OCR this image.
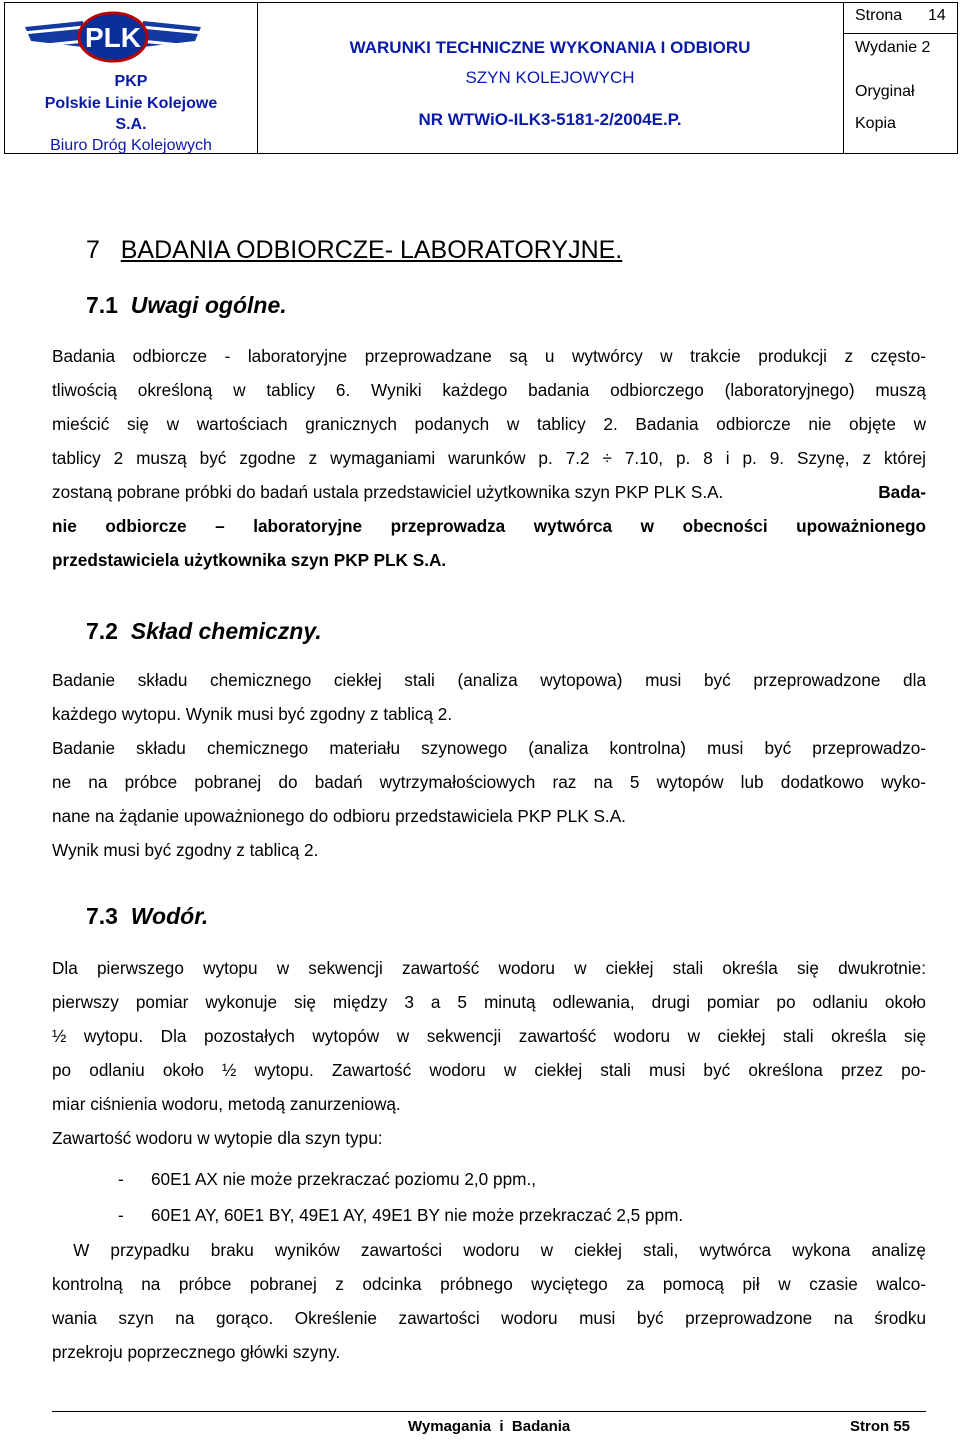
PLK
PKP
Polskie Linie Kolejowe
S.A.
Biuro Dróg Kolejowych
WARUNKI TECHNICZNE WYKONANIA I ODBIORU
SZYN KOLEJOWYCH
NR WTWiO-ILK3-5181-2/2004E.P.
Strona 14
Wydanie 2
Oryginał
Kopia
7 BADANIA ODBIORCZE- LABORATORYJNE.
7.1 Uwagi ogólne.
Badania odbiorcze - laboratoryjne przeprowadzane są u wytwórcy w trakcie produkcji z często-
tliwością określoną w tablicy 6. Wyniki każdego badania odbiorczego (laboratoryjnego) muszą
mieścić się w wartościach granicznych podanych w tablicy 2. Badania odbiorcze nie objęte w
tablicy 2 muszą być zgodne z wymaganiami warunków p. 7.2 ÷ 7.10, p. 8 i p. 9. Szynę, z której
zostaną pobrane próbki do badań ustala przedstawiciel użytkownika szyn PKP PLK S.A.	Bada-
nie odbiorcze – laboratoryjne przeprowadza wytwórca w obecności upoważnionego
przedstawiciela użytkownika szyn PKP PLK S.A.
7.2 Skład chemiczny.
Badanie składu chemicznego ciekłej stali (analiza wytopowa) musi być przeprowadzone dla
każdego wytopu. Wynik musi być zgodny z tablicą 2.
Badanie składu chemicznego materiału szynowego (analiza kontrolna) musi być przeprowadzo-
ne na próbce pobranej do badań wytrzymałościowych raz na 5 wytopów lub dodatkowo wyko-
nane na żądanie upoważnionego do odbioru przedstawiciela PKP PLK S.A.
Wynik musi być zgodny z tablicą 2.
7.3 Wodór.
Dla pierwszego wytopu w sekwencji zawartość wodoru w ciekłej stali określa się dwukrotnie:
pierwszy pomiar wykonuje się między 3 a 5 minutą odlewania, drugi pomiar po odlaniu około
½ wytopu. Dla pozostałych wytopów w sekwencji zawartość wodoru w ciekłej stali określa się
po odlaniu około ½ wytopu. Zawartość wodoru w ciekłej stali musi być określona przez po-
miar ciśnienia wodoru, metodą zanurzeniową.
Zawartość wodoru w wytopie dla szyn typu:
- 60E1 AX nie może przekraczać poziomu 2,0 ppm.,
- 60E1 AY, 60E1 BY, 49E1 AY, 49E1 BY nie może przekraczać 2,5 ppm.
W przypadku braku wyników zawartości wodoru w ciekłej stali, wytwórca wykona analizę
kontrolną na próbce pobranej z odcinka próbnego wyciętego za pomocą pił w czasie walco-
wania szyn na gorąco. Określenie zawartości wodoru musi być przeprowadzone na środku
przekroju poprzecznego główki szyny.
Wymagania  i  Badania	Stron 55
